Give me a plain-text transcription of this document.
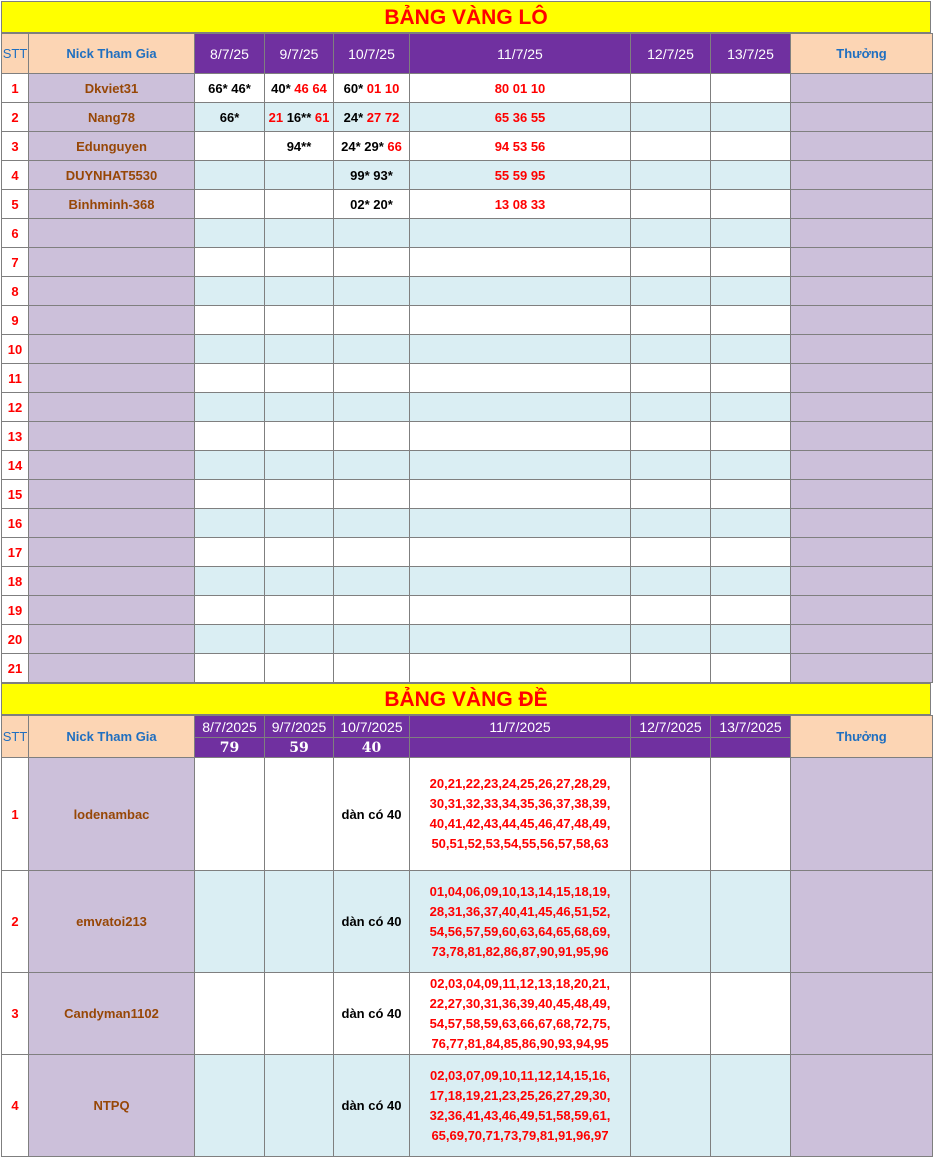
BẢNG VÀNG LÔ
STT	Nick Tham Gia	8/7/25	9/7/25	10/7/25	11/7/25	12/7/25	13/7/25	Thưởng
1	Dkviet31	66* 46*	40* 46 64	60* 01 10	80 01 10			
2	Nang78	66*	21 16** 61	24* 27 72	65 36 55			
3	Edunguyen		94**	24* 29* 66	94 53 56			
4	DUYNHAT5530			99* 93*	55 59 95			
5	Binhminh-368			02* 20*	13 08 33			
6								
7								
8								
9								
10								
11								
12								
13								
14								
15								
16								
17								
18								
19								
20								
21								
BẢNG VÀNG ĐỀ
STT	Nick Tham Gia	8/7/2025	9/7/2025	10/7/2025	11/7/2025	12/7/2025	13/7/2025	Thưởng
		79	59	40				
1	lodenambac			dàn có 40	20,21,22,23,24,25,26,27,28,29,
30,31,32,33,34,35,36,37,38,39,
40,41,42,43,44,45,46,47,48,49,
50,51,52,53,54,55,56,57,58,63			

2	emvatoi213			dàn có 40	01,04,06,09,10,13,14,15,18,19,
28,31,36,37,40,41,45,46,51,52,
54,56,57,59,60,63,64,65,68,69,
73,78,81,82,86,87,90,91,95,96			

3	Candyman1102			dàn có 40	02,03,04,09,11,12,13,18,20,21,
22,27,30,31,36,39,40,45,48,49,
54,57,58,59,63,66,67,68,72,75,
76,77,81,84,85,86,90,93,94,95			

4	NTPQ			dàn có 40	02,03,07,09,10,11,12,14,15,16,
17,18,19,21,23,25,26,27,29,30,
32,36,41,43,46,49,51,58,59,61,
65,69,70,71,73,79,81,91,96,97			
